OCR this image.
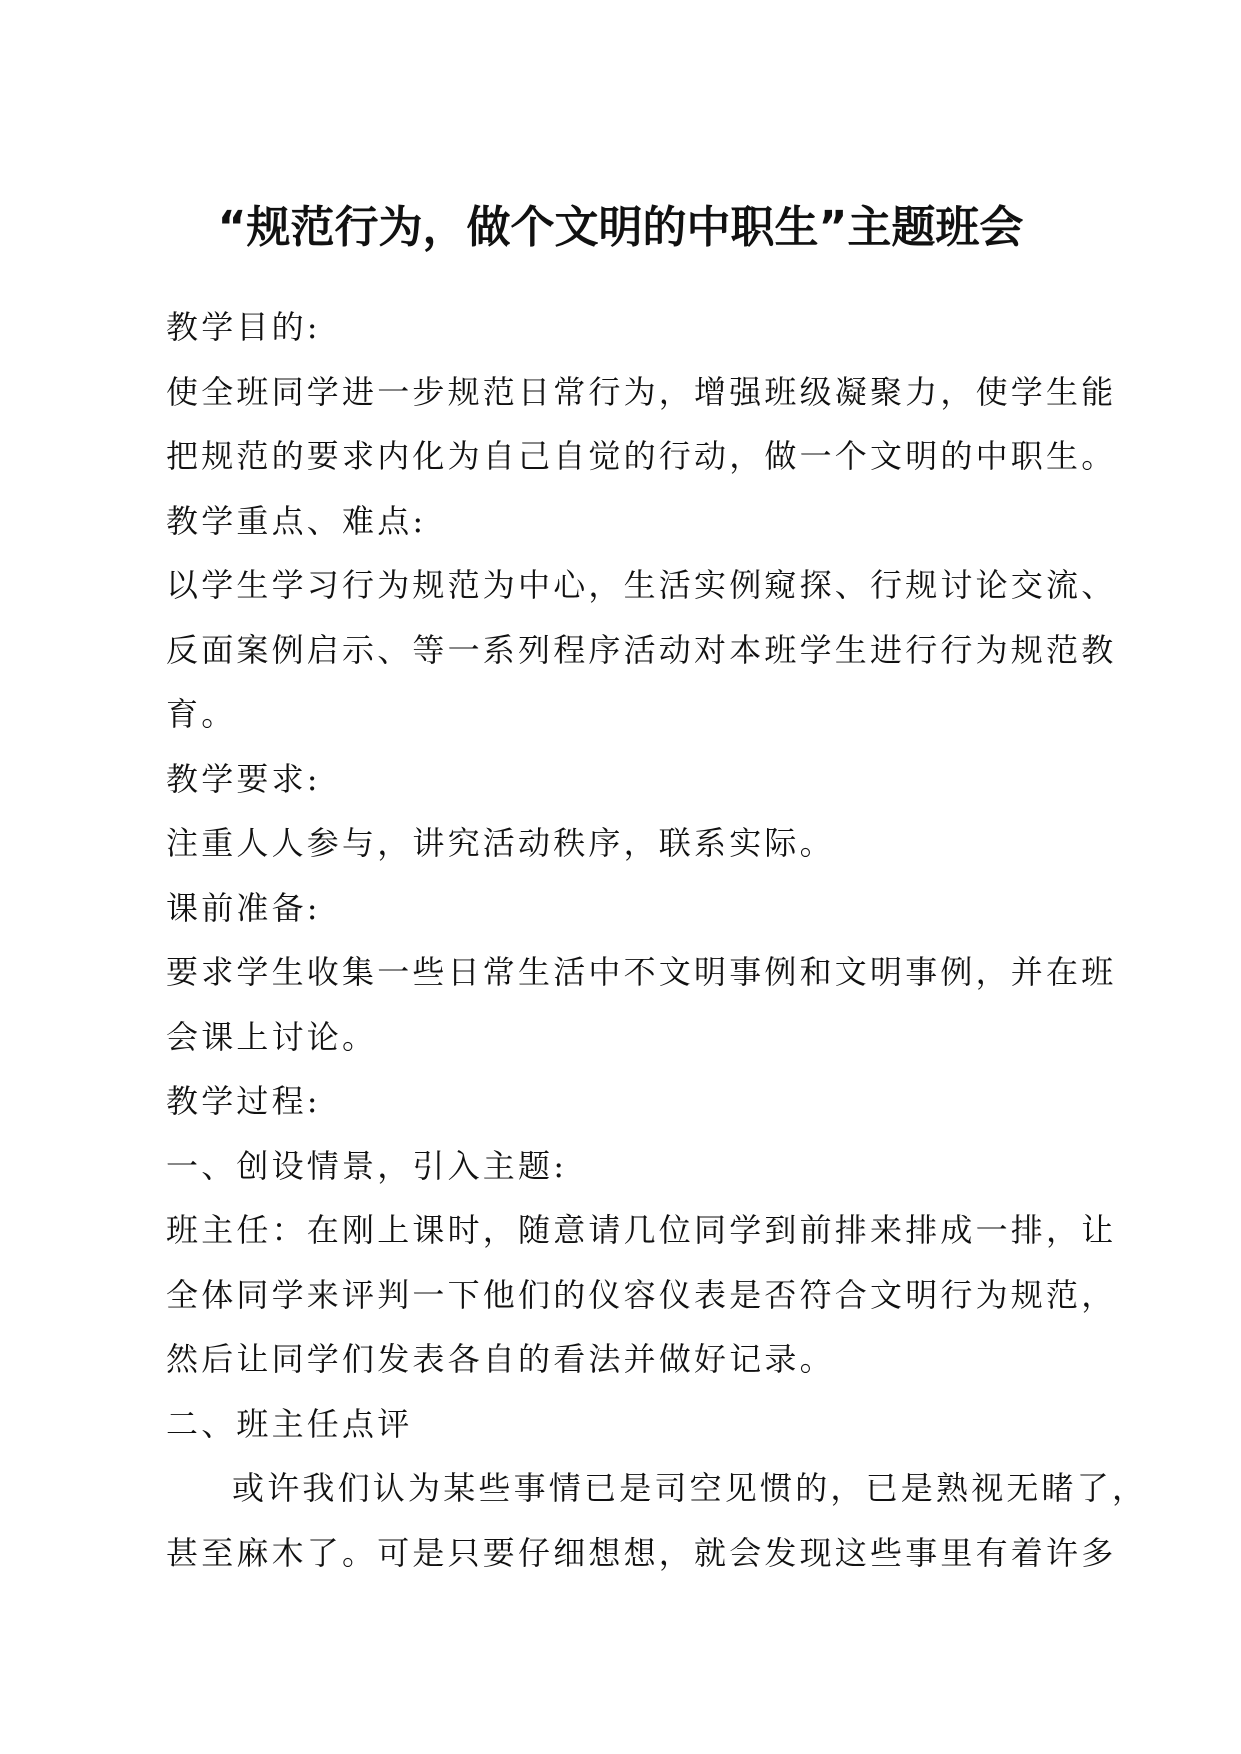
“规范行为，做个文明的中职生”主题班会

教学目的:

使全班同学进一步规范日常行为，增强班级凝聚力，使学生能

把规范的要求内化为自己自觉的行动，做一个文明的中职生。

教学重点、难点:

以学生学习行为规范为中心，生活实例窥探、行规讨论交流、

反面案例启示、等一系列程序活动对本班学生进行行为规范教

育。

教学要求:

注重人人参与，讲究活动秩序，联系实际。

课前准备:

要求学生收集一些日常生活中不文明事例和文明事例，并在班

会课上讨论。

教学过程:

一、创设情景，引入主题:

班主任：在刚上课时，随意请几位同学到前排来排成一排，让

全体同学来评判一下他们的仪容仪表是否符合文明行为规范，

然后让同学们发表各自的看法并做好记录。

二、班主任点评

或许我们认为某些事情已是司空见惯的，已是熟视无睹了，

甚至麻木了。可是只要仔细想想，就会发现这些事里有着许多
